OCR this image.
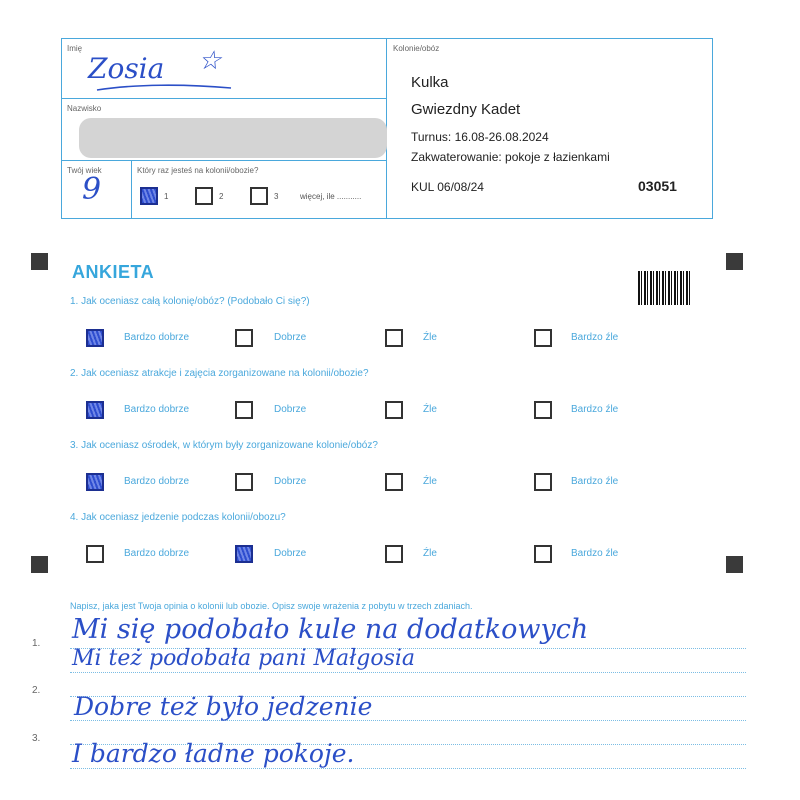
Imię
Zosia ☆
Nazwisko
Twój wiek
9
Który raz jesteś na kolonii/obozie?
1	2	3	więcej, ile ...........
Kolonie/obóz
Kulka
Gwiezdny Kadet
Turnus: 16.08-26.08.2024
Zakwaterowanie: pokoje z łazienkami
KUL 06/08/24	03051
ANKIETA
1. Jak oceniasz całą kolonię/obóz? (Podobało Ci się?)
Bardzo dobrze	Dobrze	Źle	Bardzo źle
2. Jak oceniasz atrakcje i zajęcia zorganizowane na kolonii/obozie?
Bardzo dobrze	Dobrze	Źle	Bardzo źle
3. Jak oceniasz ośrodek, w którym były zorganizowane kolonie/obóz?
Bardzo dobrze	Dobrze	Źle	Bardzo źle
4. Jak oceniasz jedzenie podczas kolonii/obozu?
Bardzo dobrze	Dobrze	Źle	Bardzo źle
Napisz, jaka jest Twoja opinia o kolonii lub obozie. Opisz swoje wrażenia z pobytu w trzech zdaniach.
1.
2.
3.
Mi się podobało kule na dodatkowych
Mi też podobała pani Małgosia
Dobre też było jedzenie
I bardzo ładne pokoje.
